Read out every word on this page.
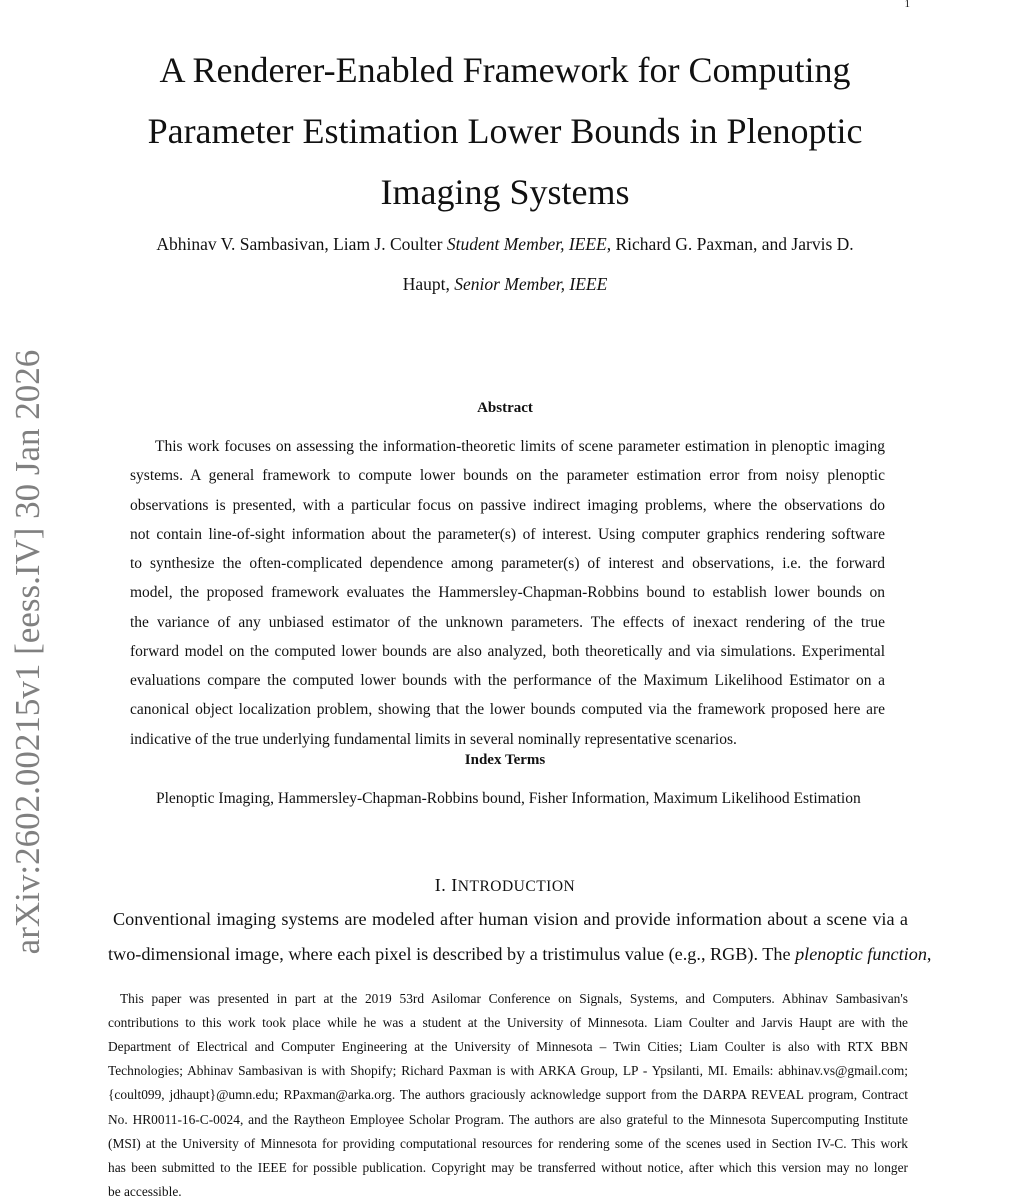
1
arXiv:2602.00215v1 [eess.IV] 30 Jan 2026
A Renderer-Enabled Framework for Computing
Parameter Estimation Lower Bounds in Plenoptic
Imaging Systems
Abhinav V. Sambasivan, Liam J. Coulter Student Member, IEEE, Richard G. Paxman, and Jarvis D.
Haupt, Senior Member, IEEE
Abstract
This work focuses on assessing the information-theoretic limits of scene parameter estimation in plenoptic imaging
systems. A general framework to compute lower bounds on the parameter estimation error from noisy plenoptic
observations is presented, with a particular focus on passive indirect imaging problems, where the observations do
not contain line-of-sight information about the parameter(s) of interest. Using computer graphics rendering software
to synthesize the often-complicated dependence among parameter(s) of interest and observations, i.e. the forward
model, the proposed framework evaluates the Hammersley-Chapman-Robbins bound to establish lower bounds on
the variance of any unbiased estimator of the unknown parameters. The effects of inexact rendering of the true
forward model on the computed lower bounds are also analyzed, both theoretically and via simulations. Experimental
evaluations compare the computed lower bounds with the performance of the Maximum Likelihood Estimator on a
canonical object localization problem, showing that the lower bounds computed via the framework proposed here are
indicative of the true underlying fundamental limits in several nominally representative scenarios.
Index Terms
Plenoptic Imaging, Hammersley-Chapman-Robbins bound, Fisher Information, Maximum Likelihood Estimation
I. INTRODUCTION
Conventional imaging systems are modeled after human vision and provide information about a scene via a
two-dimensional image, where each pixel is described by a tristimulus value (e.g., RGB). The plenoptic function,
This paper was presented in part at the 2019 53rd Asilomar Conference on Signals, Systems, and Computers. Abhinav Sambasivan's
contributions to this work took place while he was a student at the University of Minnesota. Liam Coulter and Jarvis Haupt are with the
Department of Electrical and Computer Engineering at the University of Minnesota – Twin Cities; Liam Coulter is also with RTX BBN
Technologies; Abhinav Sambasivan is with Shopify; Richard Paxman is with ARKA Group, LP - Ypsilanti, MI. Emails: abhinav.vs@gmail.com;
{coult099, jdhaupt}@umn.edu; RPaxman@arka.org. The authors graciously acknowledge support from the DARPA REVEAL program, Contract
No. HR0011-16-C-0024, and the Raytheon Employee Scholar Program. The authors are also grateful to the Minnesota Supercomputing Institute
(MSI) at the University of Minnesota for providing computational resources for rendering some of the scenes used in Section IV-C. This work
has been submitted to the IEEE for possible publication. Copyright may be transferred without notice, after which this version may no longer
be accessible.
